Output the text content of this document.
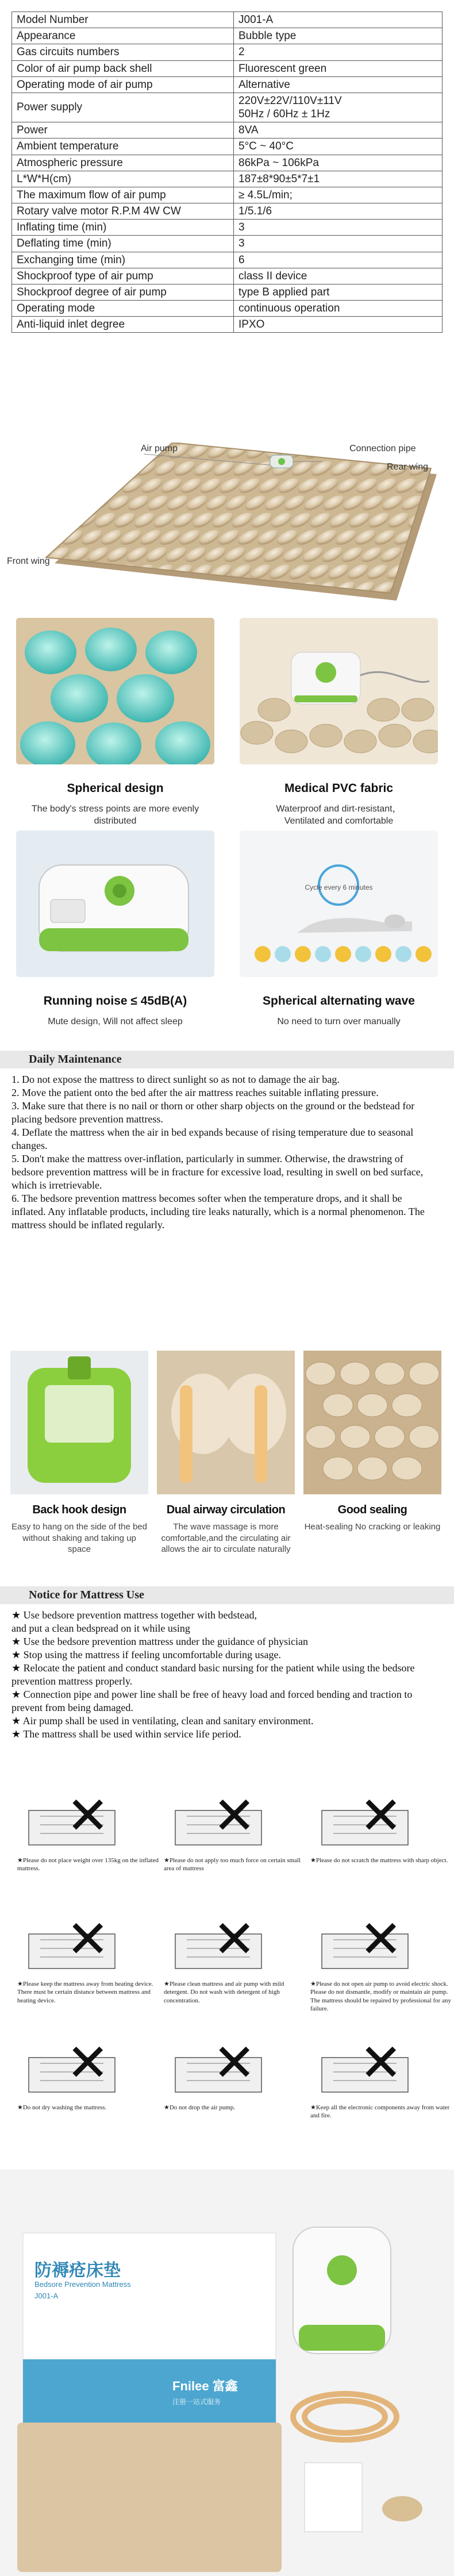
Model Number	J001-A
Appearance	Bubble type
Gas circuits numbers	2
Color of air pump back shell	Fluorescent green
Operating mode of air pump	Alternative
Power supply	220V±22V/110V±11V
50Hz / 60Hz ± 1Hz
Power	8VA
Ambient temperature	5°C ~ 40°C
Atmospheric pressure	86kPa ~ 106kPa
L*W*H(cm)	187±8*90±5*7±1
The maximum flow of air pump	≥ 4.5L/min;
Rotary valve motor R.P.M 4W CW	1/5.1/6
Inflating time (min)	3
Deflating time (min)	3
Exchanging time (min)	6
Shockproof type of air pump	class II device
Shockproof degree of air pump	type B applied part
Operating mode	continuous operation
Anti-liquid inlet degree	IPXO
Air pump	Connection pipe
Rear wing
Front wing
Spherical design
The body's stress points are more evenly distributed
Medical PVC fabric
Waterproof and dirt-resistant，
Ventilated and comfortable
Running noise ≤ 45dB(A)
Mute design, Will not affect sleep
Cycle every 6 minutes
Spherical alternating wave
No need to turn over manually
Daily Maintenance
1. Do not expose the mattress to direct sunlight so as not to damage the air bag.
2. Move the patient onto the bed after the air mattress reaches suitable inflating pressure.
3. Make sure that there is no nail or thorn or other sharp objects on the ground or the bedstead for placing bedsore prevention mattress.
4. Deflate the mattress when the air in bed expands because of rising temperature due to seasonal changes.
5. Don't make the mattress over-inflation, particularly in summer. Otherwise, the drawstring of bedsore prevention mattress will be in fracture for excessive load, resulting in swell on bed surface, which is irretrievable.
6. The bedsore prevention mattress becomes softer when the temperature drops, and it shall be inflated. Any inflatable products, including tire leaks naturally, which is a normal phenomenon. The mattress should be inflated regularly.
Back hook design
Easy to hang on the side of the bed without shaking and taking up space
Dual airway circulation
The wave massage is more comfortable,and the circulating air allows the air to circulate naturally
Good sealing
Heat-sealing No cracking or leaking
Notice for Mattress Use
★ Use bedsore prevention mattress together with bedstead,
and put a clean bedspread on it while using
★ Use the bedsore prevention mattress under the guidance of physician
★ Stop using the mattress if feeling uncomfortable during usage.
★ Relocate the patient and conduct standard basic nursing for the patient while using the bedsore prevention mattress properly.
★ Connection pipe and power line shall be free of heavy load and forced bending and traction to prevent from being damaged.
★ Air pump shall be used in ventilating, clean and sanitary environment.
★ The mattress shall be used within service life period.
✕
★Please do not place weight over 135kg on the inflated mattress.
✕
★Please do not apply too much force on certain small area of mattress
✕
★Please do not scratch the mattress with sharp object.
✕
★Please keep the mattress away from heating device. There must be certain distance between mattress and heating device.
✕
★Please clean mattress and air pump with mild detergent. Do not wash with detergent of high concentration.
✕
★Please do not open air pump to avoid electric shock.
Please do not dismantle, modify or maintain air pump. The mattress should be repaired by professional for any failure.
✕
★Do not dry washing the mattress.
✕
★Do not drop the air pump.
✕
★Keep all the electronic components away from water and fire.
防褥疮床垫
Bedsore Prevention Mattress
J001-A
Fnilee 富鑫
注册一站式服务
